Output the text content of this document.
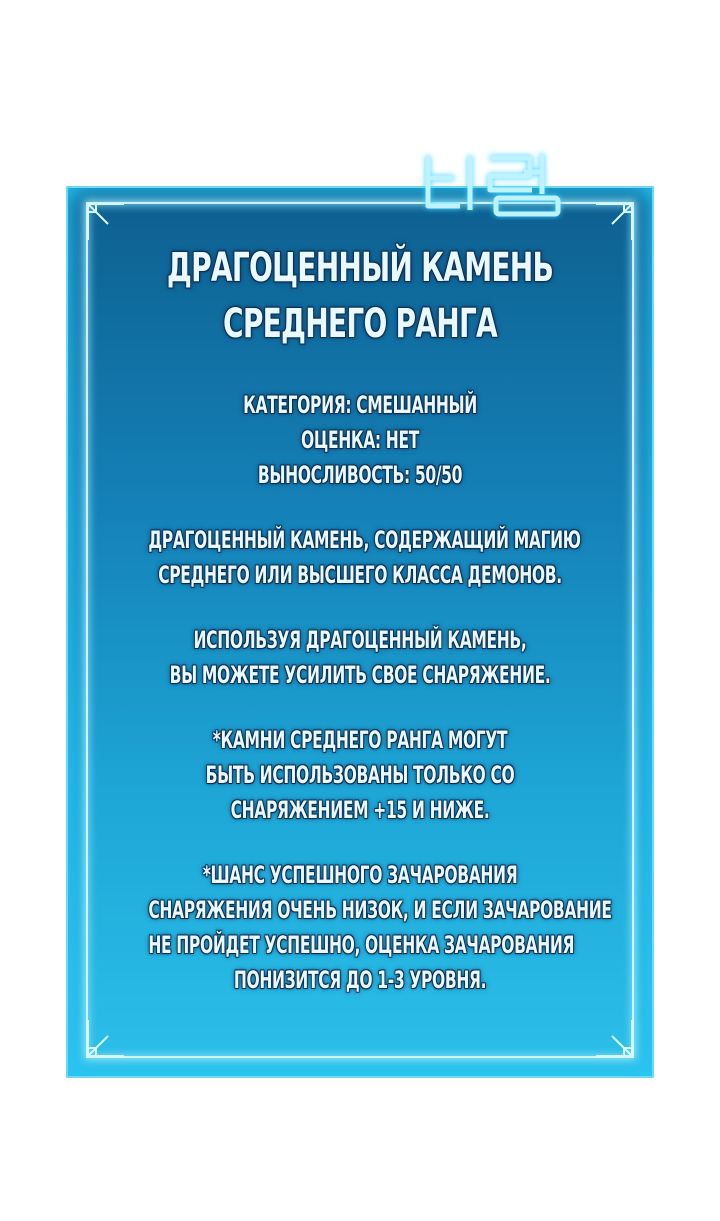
ДРАГОЦЕННЫЙ КАМЕНЬ
СРЕДНЕГО РАНГА
КАТЕГОРИЯ: СМЕШАННЫЙ
ОЦЕНКА: НЕТ
ВЫНОСЛИВОСТЬ: 50/50
ДРАГОЦЕННЫЙ КАМЕНЬ, СОДЕРЖАЩИЙ МАГИЮ
СРЕДНЕГО ИЛИ ВЫСШЕГО КЛАССА ДЕМОНОВ.
ИСПОЛЬЗУЯ ДРАГОЦЕННЫЙ КАМЕНЬ,
ВЫ МОЖЕТЕ УСИЛИТЬ СВОЕ СНАРЯЖЕНИЕ.
*КАМНИ СРЕДНЕГО РАНГА МОГУТ
БЫТЬ ИСПОЛЬЗОВАНЫ ТОЛЬКО СО
СНАРЯЖЕНИЕМ +15 И НИЖЕ.
*ШАНС УСПЕШНОГО ЗАЧАРОВАНИЯ
СНАРЯЖЕНИЯ ОЧЕНЬ НИЗОК, И ЕСЛИ ЗАЧАРОВАНИЕ
НЕ ПРОЙДЕТ УСПЕШНО, ОЦЕНКА ЗАЧАРОВАНИЯ
ПОНИЗИТСЯ ДО 1-3 УРОВНЯ.
